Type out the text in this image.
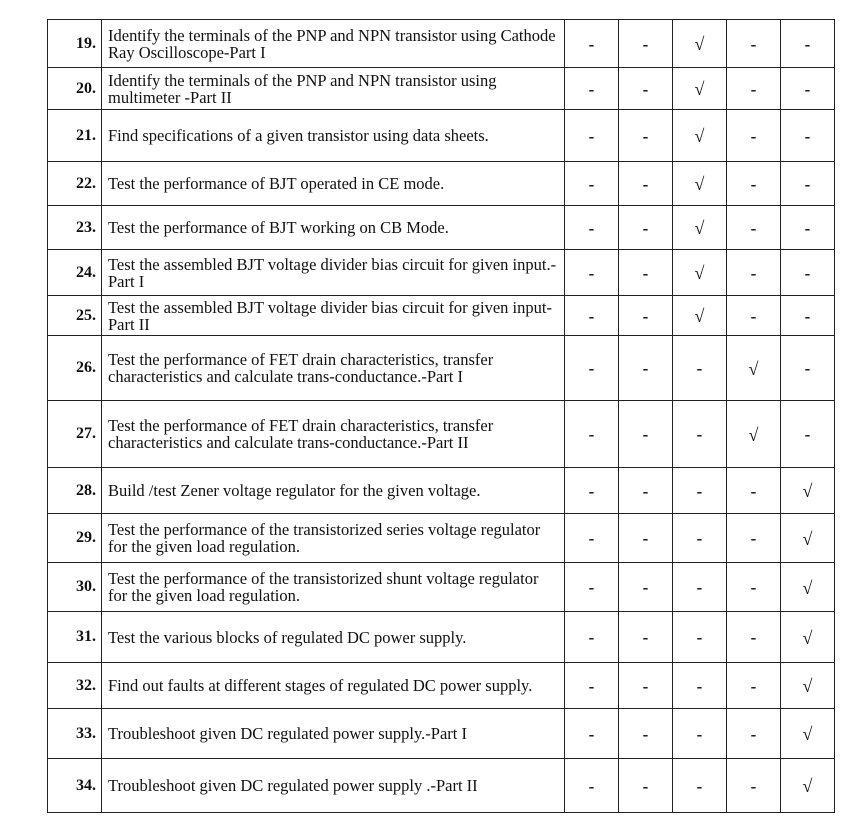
19.	Identify the terminals of the PNP and NPN transistor using Cathode Ray Oscilloscope-Part I	-	-	√	-	-
20.	Identify the terminals of the PNP and NPN transistor using multimeter -Part II	-	-	√	-	-
21.	Find specifications of a given transistor using data sheets.	-	-	√	-	-
22.	Test the performance of BJT operated in CE mode.	-	-	√	-	-
23.	Test the performance of BJT working on CB Mode.	-	-	√	-	-
24.	Test the assembled BJT voltage divider bias circuit for given input.-Part I	-	-	√	-	-
25.	Test the assembled BJT voltage divider bias circuit for given input-Part II	-	-	√	-	-
26.	Test the performance of FET drain characteristics, transfer characteristics and calculate trans-conductance.-Part I	-	-	-	√	-
27.	Test the performance of FET drain characteristics, transfer characteristics and calculate trans-conductance.-Part II	-	-	-	√	-
28.	Build /test Zener voltage regulator for the given voltage.	-	-	-	-	√
29.	Test the performance of the transistorized series voltage regulator for the given load regulation.	-	-	-	-	√
30.	Test the performance of the transistorized shunt voltage regulator for the given load regulation.	-	-	-	-	√
31.	Test the various blocks of regulated DC power supply.	-	-	-	-	√
32.	Find out faults at different stages of regulated DC power supply.	-	-	-	-	√
33.	Troubleshoot given DC regulated power supply.-Part I	-	-	-	-	√
34.	Troubleshoot given DC regulated power supply .-Part II	-	-	-	-	√
